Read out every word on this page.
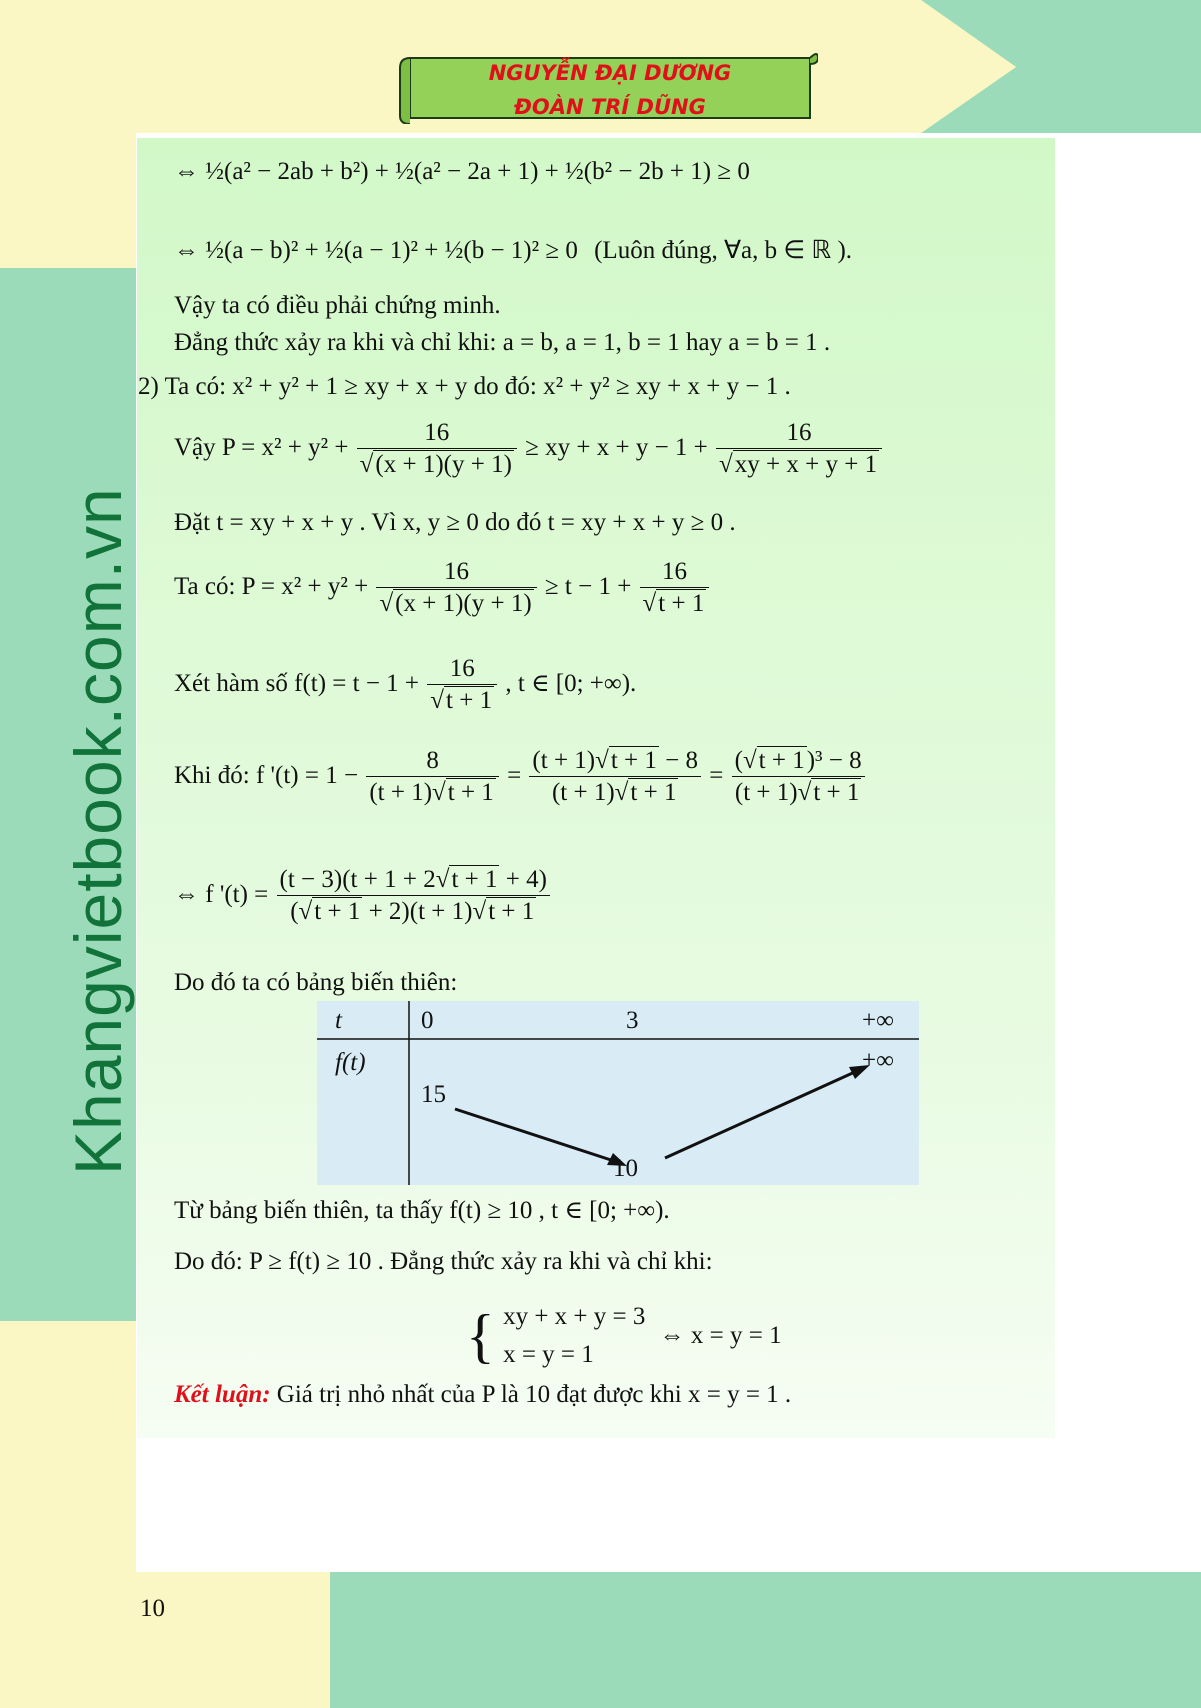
NGUYỄN ĐẠI DƯƠNG
ĐOÀN TRÍ DŨNG
Khangvietbook.com.vn
⇔ ½(a² − 2ab + b²) + ½(a² − 2a + 1) + ½(b² − 2b + 1) ≥ 0
⇔ ½(a − b)² + ½(a − 1)² + ½(b − 1)² ≥ 0 (Luôn đúng, ∀a, b ∈ ℝ ).
Vậy ta có điều phải chứng minh.
Đẳng thức xảy ra khi và chỉ khi: a = b, a = 1, b = 1 hay a = b = 1 .
2) Ta có: x² + y² + 1 ≥ xy + x + y do đó: x² + y² ≥ xy + x + y − 1 .
Vậy $P = x^2 + y^2 + \frac{16}{√(x + 1)(y + 1)}$ ≥ xy + $x + y - 1 + \frac{16}{√xy + x + y + 1}$
Đặt t = xy + x + y . Vì x, y ≥ 0 do đó t = xy + x + y ≥ 0 .
Ta có: $P = x^2 + y^2 + \frac{16}{√(x + 1)(y + 1)} \ge t - 1 + \frac{16}{√t + 1}$
Xét hàm số $f(t) = t - 1 + \frac{16}{√t + 1}$ , t ∈ [0; +∞).
Khi đó: f '$(t) = 1 - \frac{8}{(t + 1)√t + 1} = \frac{(t + 1)√t + 1 - 8}{(t + 1)√t + 1} = \frac{\text{(√t + 1)³ − 8}}{(t + 1)√t + 1}$
⇔ f '$(t) = \frac{(t - 3)(t + 1 + 2√t + 1 + 4)}{(√t + 1 + 2)(t + 1)√t + 1}$
Do đó ta có bảng biến thiên:
t
f(t)
0	3	+∞
15
10
+∞
Từ bảng biến thiên, ta thấy f(t) ≥ 10 , t ∈ [0; +∞).
Do đó: P ≥ f(t) ≥ 10 . Đẳng thức xảy ra khi và chỉ khi:
{ xy + x + y = 3
x = y = 1
⇔ x = y = 1
Kết luận: Giá trị nhỏ nhất của P là 10 đạt được khi x = y = 1 .
10
